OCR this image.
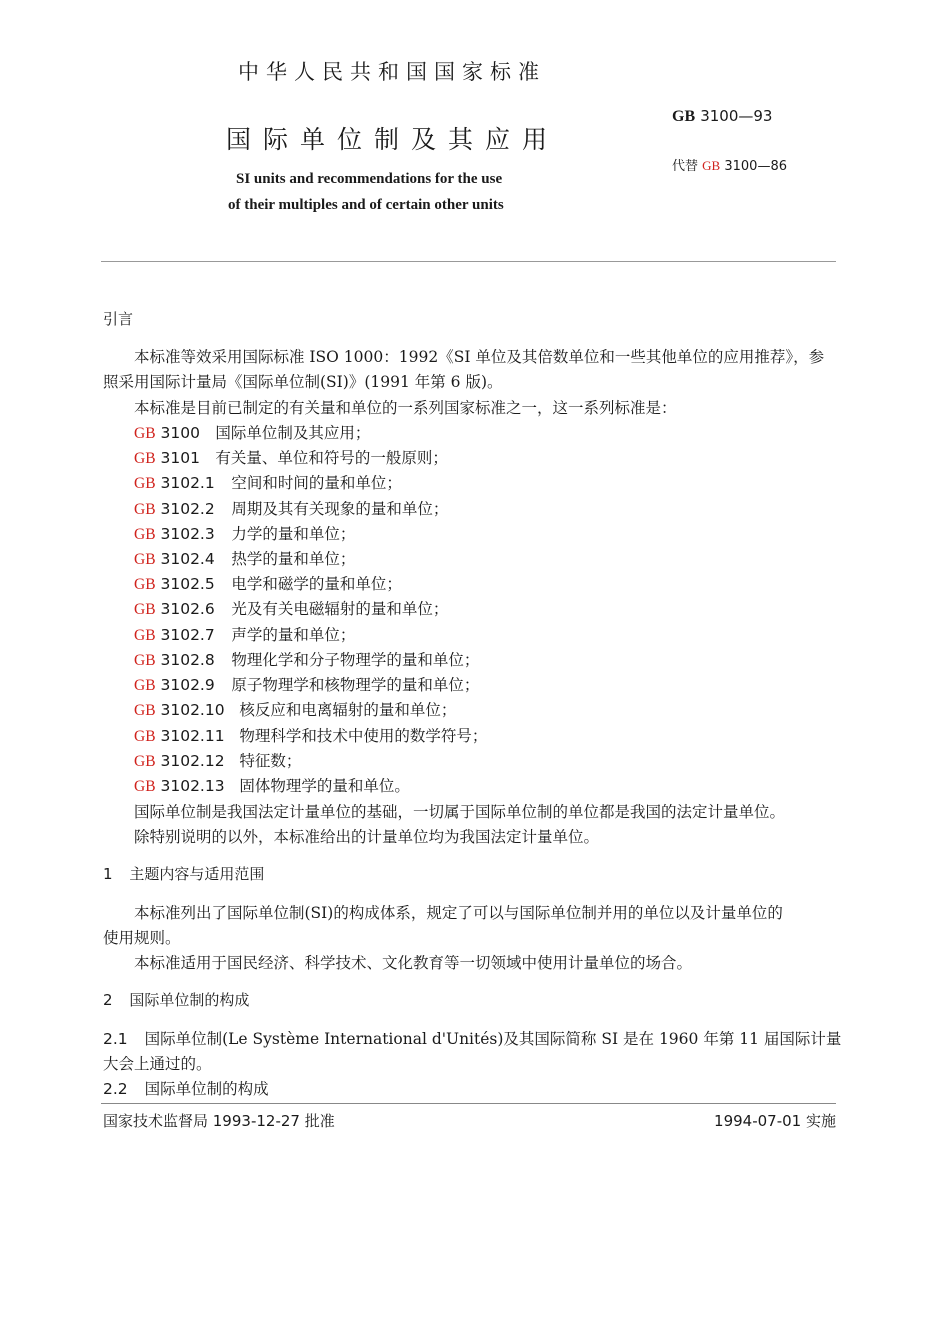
中华人民共和国国家标准
国际单位制及其应用
SI units and recommendations for the use
of their multiples and of certain other units
GB 3100—93
代替 GB 3100—86
引言
本标准等效采用国际标准 ISO 1000：1992《SI 单位及其倍数单位和一些其他单位的应用推荐》，参
照采用国际计量局《国际单位制(SI)》(1991 年第 6 版)。
本标准是目前已制定的有关量和单位的一系列国家标准之一，这一系列标准是：
GB 3100 国际单位制及其应用；
GB 3101 有关量、单位和符号的一般原则；
GB 3102.1 空间和时间的量和单位；
GB 3102.2 周期及其有关现象的量和单位；
GB 3102.3 力学的量和单位；
GB 3102.4 热学的量和单位；
GB 3102.5 电学和磁学的量和单位；
GB 3102.6 光及有关电磁辐射的量和单位；
GB 3102.7 声学的量和单位；
GB 3102.8 物理化学和分子物理学的量和单位；
GB 3102.9 原子物理学和核物理学的量和单位；
GB 3102.10 核反应和电离辐射的量和单位；
GB 3102.11 物理科学和技术中使用的数学符号；
GB 3102.12 特征数；
GB 3102.13 固体物理学的量和单位。
国际单位制是我国法定计量单位的基础，一切属于国际单位制的单位都是我国的法定计量单位。
除特别说明的以外，本标准给出的计量单位均为我国法定计量单位。
1 主题内容与适用范围
本标准列出了国际单位制(SI)的构成体系，规定了可以与国际单位制并用的单位以及计量单位的
使用规则。
本标准适用于国民经济、科学技术、文化教育等一切领域中使用计量单位的场合。
2 国际单位制的构成
2.1 国际单位制(Le Système International d'Unités)及其国际简称 SI 是在 1960 年第 11 届国际计量
大会上通过的。
2.2 国际单位制的构成
国家技术监督局 1993-12-27 批准	1994-07-01 实施
